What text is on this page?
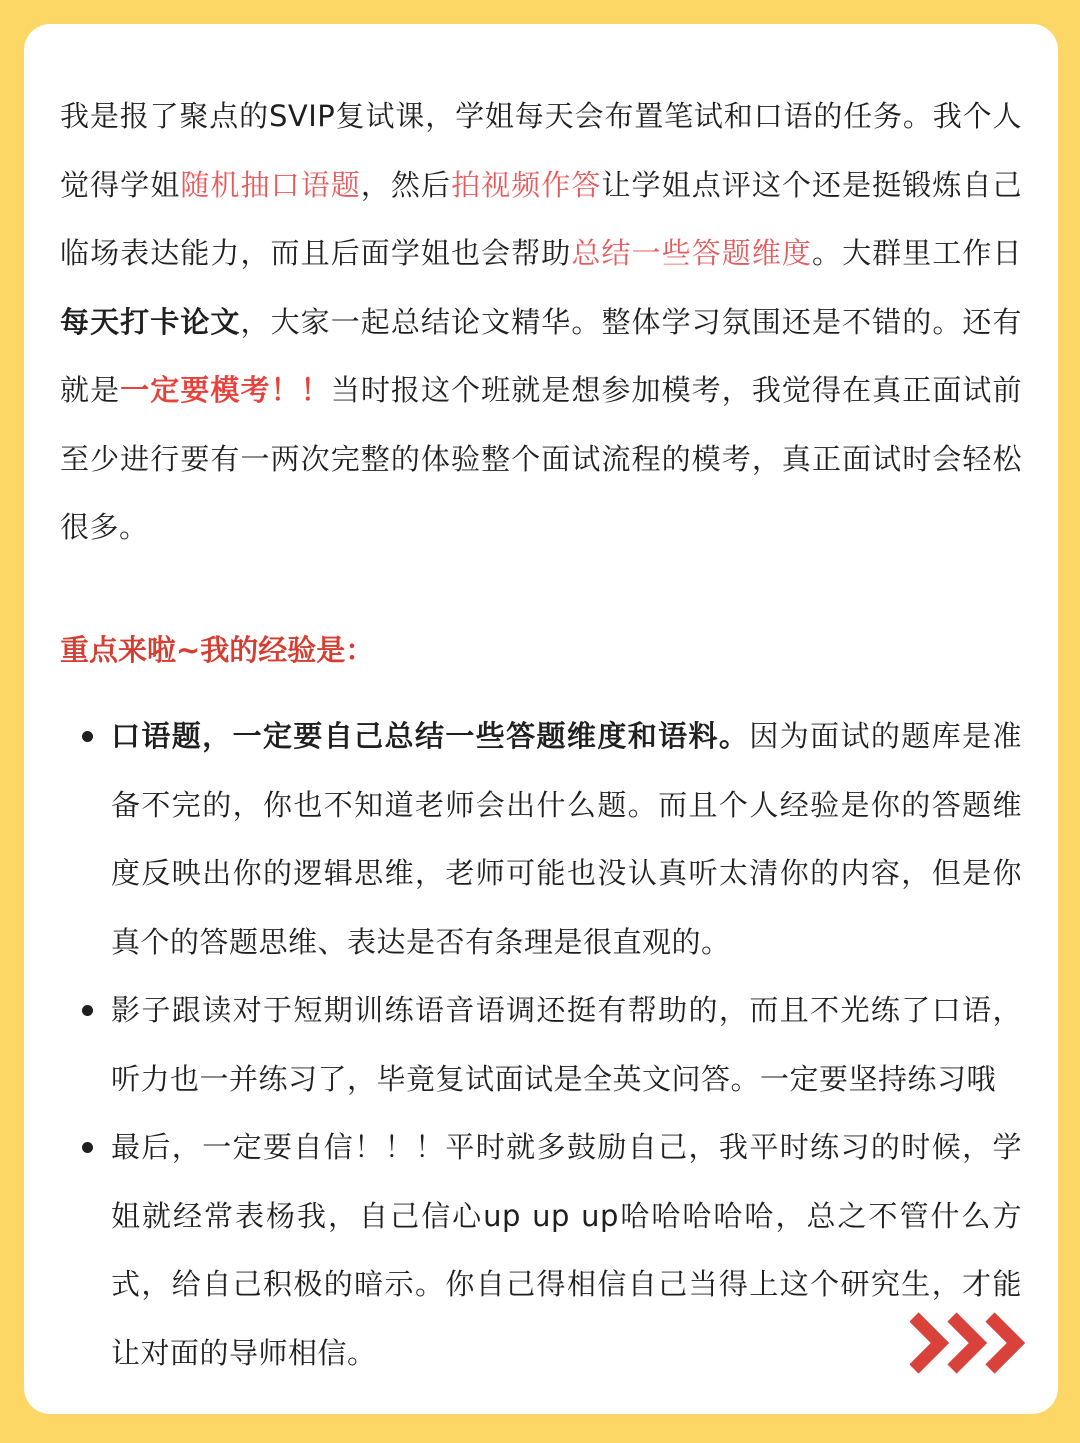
我是报了聚点的SVIP复试课，学姐每天会布置笔试和口语的任务。我个人觉得学姐随机抽口语题，然后拍视频作答让学姐点评这个还是挺锻炼自己临场表达能力，而且后面学姐也会帮助总结一些答题维度。大群里工作日每天打卡论文，大家一起总结论文精华。整体学习氛围还是不错的。还有就是一定要模考！！当时报这个班就是想参加模考，我觉得在真正面试前至少进行要有一两次完整的体验整个面试流程的模考，真正面试时会轻松很多。

重点来啦~我的经验是：
口语题，一定要自己总结一些答题维度和语料。因为面试的题库是准备不完的，你也不知道老师会出什么题。而且个人经验是你的答题维度反映出你的逻辑思维，老师可能也没认真听太清你的内容，但是你真个的答题思维、表达是否有条理是很直观的。
影子跟读对于短期训练语音语调还挺有帮助的，而且不光练了口语，听力也一并练习了，毕竟复试面试是全英文问答。一定要坚持练习哦
最后，一定要自信！！！平时就多鼓励自己，我平时练习的时候，学姐就经常表杨我，自己信心up up up哈哈哈哈哈，总之不管什么方式，给自己积极的暗示。你自己得相信自己当得上这个研究生，才能让对面的导师相信。
